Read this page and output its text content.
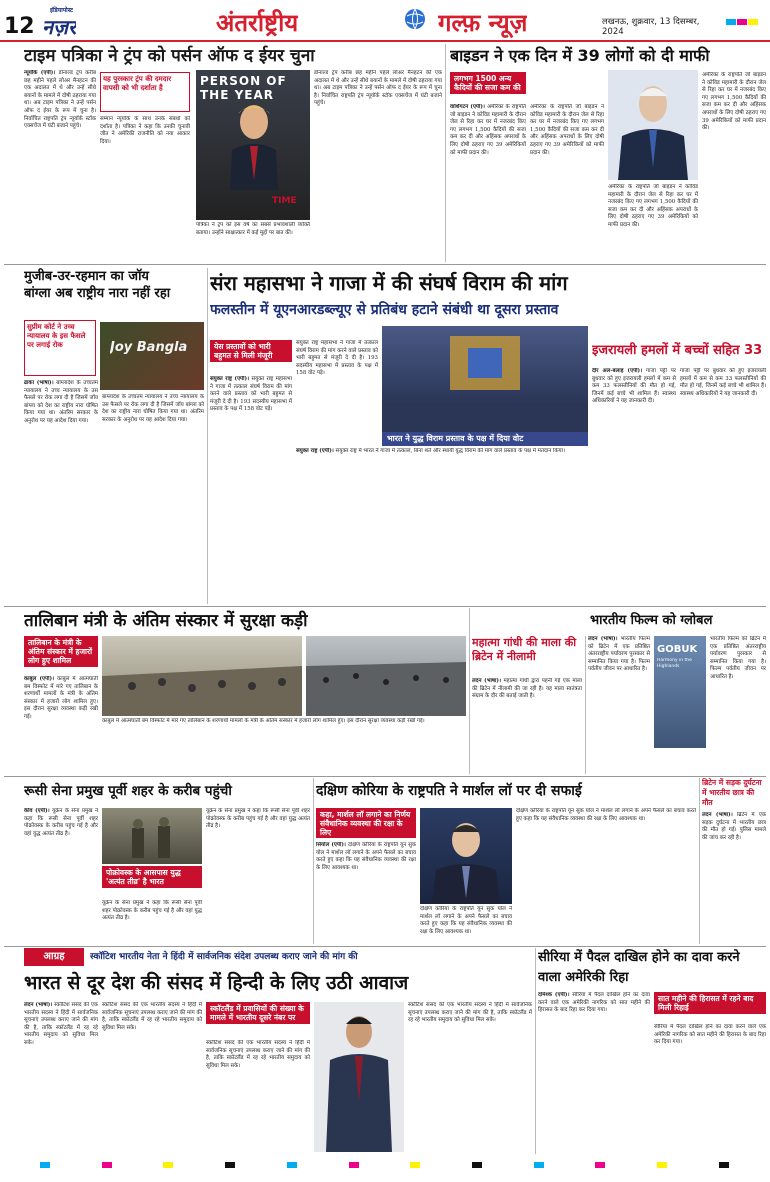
12
इंडियापोस्ट
नज़र	अंतर्राष्ट्रीय	गल्फ़ न्यूज़	लखनऊ, शुक्रवार, 13 दिसम्बर, 2024
टाइम पत्रिका ने ट्रंप को पर्सन ऑफ द ईयर चुना
न्यूयॉर्क (एपी)। डोनाल्ड ट्रंप करीब छह महीने पहले लोअर मैनहटन की एक अदालत में थे और उन्हें सीधे बयानों के मामले में दोषी ठहराया गया था। अब टाइम पत्रिका ने उन्हें पर्सन ऑफ द ईयर के रूप में चुना है। निर्वाचित राष्ट्रपति ट्रंप न्यूयॉर्क स्टॉक एक्सचेंज में घंटी बजाने पहुंचे।
यह पुरस्कार ट्रंप की दमदार वापसी को भी दर्शाता है
सम्मान न्यूयॉर्क के साथ उनके संबंधों को दर्शाता है। पत्रिका ने कहा कि उनकी चुनावी जीत ने अमेरिकी राजनीति को नया आकार दिया।
PERSON OF THE YEAR
TIME
पत्रिका ने ट्रंप को इस वर्ष का सबसे प्रभावशाली व्यक्ति बताया। उन्होंने साक्षात्कार में कई मुद्दों पर बात की।
डोनाल्ड ट्रंप करीब छह महीने पहले लोअर मैनहटन की एक अदालत में थे और उन्हें सीधे बयानों के मामले में दोषी ठहराया गया था। अब टाइम पत्रिका ने उन्हें पर्सन ऑफ द ईयर के रूप में चुना है। निर्वाचित राष्ट्रपति ट्रंप न्यूयॉर्क स्टॉक एक्सचेंज में घंटी बजाने पहुंचे।
बाइडन ने एक दिन में 39 लोगों को दी माफी
लगभग 1500 अन्य कैदियों की सजा कम की
वाशिंगटन (एपी)। अमेरिका के राष्ट्रपति जो बाइडन ने कोविड महामारी के दौरान जेल से रिहा कर घर में नजरबंद किए गए लगभग 1,500 कैदियों की सजा कम कर दी और अहिंसक अपराधों के लिए दोषी ठहराए गए 39 अमेरिकियों को माफी प्रदान की।
अमेरिका के राष्ट्रपति जो बाइडन ने कोविड महामारी के दौरान जेल से रिहा कर घर में नजरबंद किए गए लगभग 1,500 कैदियों की सजा कम कर दी और अहिंसक अपराधों के लिए दोषी ठहराए गए 39 अमेरिकियों को माफी प्रदान की।
अमेरिका के राष्ट्रपति जो बाइडन ने कोविड महामारी के दौरान जेल से रिहा कर घर में नजरबंद किए गए लगभग 1,500 कैदियों की सजा कम कर दी और अहिंसक अपराधों के लिए दोषी ठहराए गए 39 अमेरिकियों को माफी प्रदान की।
अमेरिका के राष्ट्रपति जो बाइडन ने कोविड महामारी के दौरान जेल से रिहा कर घर में नजरबंद किए गए लगभग 1,500 कैदियों की सजा कम कर दी और अहिंसक अपराधों के लिए दोषी ठहराए गए 39 अमेरिकियों को माफी प्रदान की।
मुजीब-उर-रहमान का जॉय
बांग्ला अब राष्ट्रीय नारा नहीं रहा
सुप्रीम कोर्ट ने उच्च न्यायालय के इस फैसले पर लगाई रोक	Joy Bangla
ढाका (भाषा)। बांग्लादेश के उच्चतम न्यायालय ने उच्च न्यायालय के उस फैसले पर रोक लगा दी है जिसमें जॉय बांग्ला को देश का राष्ट्रीय नारा घोषित किया गया था। अंतरिम सरकार के अनुरोध पर यह आदेश दिया गया।
बांग्लादेश के उच्चतम न्यायालय ने उच्च न्यायालय के उस फैसले पर रोक लगा दी है जिसमें जॉय बांग्ला को देश का राष्ट्रीय नारा घोषित किया गया था। अंतरिम सरकार के अनुरोध पर यह आदेश दिया गया।
संरा महासभा ने गाजा में की संघर्ष विराम की मांग
फलस्तीन में यूएनआरडब्ल्यूए से प्रतिबंध हटाने संबंधी था दूसरा प्रस्ताव
येस प्रस्तावों को भारी बहुमत से मिली मंजूरी
संयुक्त राष्ट्र (एपी)। संयुक्त राष्ट्र महासभा ने गाजा में तत्काल संघर्ष विराम की मांग करने वाले प्रस्ताव को भारी बहुमत से मंजूरी दे दी है। 193 सदस्यीय महासभा में प्रस्ताव के पक्ष में 158 वोट पड़े।
संयुक्त राष्ट्र महासभा ने गाजा में तत्काल संघर्ष विराम की मांग करने वाले प्रस्ताव को भारी बहुमत से मंजूरी दे दी है। 193 सदस्यीय महासभा में प्रस्ताव के पक्ष में 158 वोट पड़े।
भारत ने युद्ध विराम प्रस्ताव के पक्ष में दिया वोट
संयुक्त राष्ट्र (एपी)। संयुक्त राष्ट्र में भारत ने गाजा में तत्काल, बिना शर्त और स्थायी युद्ध विराम की मांग वाले प्रस्ताव के पक्ष में मतदान किया।
इजरायली हमलों में बच्चों सहित 33
दीर अल-बलाह (एपी)। गाजा पट्टी पर बुधवार को हुए इजरायली हमलों में कम से कम 33 फलस्तीनियों की मौत हो गई, जिनमें कई बच्चे भी शामिल हैं। स्वास्थ्य अधिकारियों ने यह जानकारी दी।
गाजा पट्टी पर बुधवार को हुए इजरायली हमलों में कम से कम 33 फलस्तीनियों की मौत हो गई, जिनमें कई बच्चे भी शामिल हैं। स्वास्थ्य अधिकारियों ने यह जानकारी दी।
तालिबान मंत्री के अंतिम संस्कार में सुरक्षा कड़ी
तालिबान के मंत्री के अंतिम संस्कार में हजारों लोग हुए शामिल
काबुल (एपी)। काबुल में आत्मघाती बम विस्फोट में मारे गए तालिबान के शरणार्थी मामलों के मंत्री के अंतिम संस्कार में हजारों लोग शामिल हुए। इस दौरान सुरक्षा व्यवस्था कड़ी रखी गई।
काबुल में आत्मघाती बम विस्फोट में मारे गए तालिबान के शरणार्थी मामलों के मंत्री के अंतिम संस्कार में हजारों लोग शामिल हुए। इस दौरान सुरक्षा व्यवस्था कड़ी रखी गई।
महात्मा गांधी की माला की ब्रिटेन में नीलामी
लंदन (भाषा)। महात्मा गांधी द्वारा पहनी गई एक माला की ब्रिटेन में नीलामी की जा रही है। यह माला स्वतंत्रता संग्राम के दौर की बताई जाती है।
भारतीय फिल्म को ग्लोबल
लंदन (भाषा)। भारतीय फिल्म को ब्रिटेन में एक प्रतिष्ठित अंतरराष्ट्रीय पर्यावरण पुरस्कार से सम्मानित किया गया है। फिल्म पर्वतीय जीवन पर आधारित है।
GOBUK
Harmony in the Highlands
भारतीय फिल्म को ब्रिटेन में एक प्रतिष्ठित अंतरराष्ट्रीय पर्यावरण पुरस्कार से सम्मानित किया गया है। फिल्म पर्वतीय जीवन पर आधारित है।
रूसी सेना प्रमुख पूर्वी शहर के करीब पहुंची
कीव (एपी)। यूक्रेन के सेना प्रमुख ने कहा कि रूसी सेना पूर्वी शहर पोक्रोवस्क के करीब पहुंच गई है और वहां युद्ध अत्यंत तीव्र है।
पोक्रोवस्क के आसपास युद्ध 'अत्यंत तीव्र' है भारत
यूक्रेन के सेना प्रमुख ने कहा कि रूसी सेना पूर्वी शहर पोक्रोवस्क के करीब पहुंच गई है और वहां युद्ध अत्यंत तीव्र है।
यूक्रेन के सेना प्रमुख ने कहा कि रूसी सेना पूर्वी शहर पोक्रोवस्क के करीब पहुंच गई है और वहां युद्ध अत्यंत तीव्र है।
दक्षिण कोरिया के राष्ट्रपति ने मार्शल लॉ पर दी सफाई
कहा, मार्शल लॉ लगाने का निर्णय संवैधानिक व्यवस्था की रक्षा के लिए
सियोल (एपी)। दक्षिण कोरिया के राष्ट्रपति यून सुक योल ने मार्शल लॉ लगाने के अपने फैसले का बचाव करते हुए कहा कि यह संवैधानिक व्यवस्था की रक्षा के लिए आवश्यक था।
दक्षिण कोरिया के राष्ट्रपति यून सुक योल ने मार्शल लॉ लगाने के अपने फैसले का बचाव करते हुए कहा कि यह संवैधानिक व्यवस्था की रक्षा के लिए आवश्यक था।
दक्षिण कोरिया के राष्ट्रपति यून सुक योल ने मार्शल लॉ लगाने के अपने फैसले का बचाव करते हुए कहा कि यह संवैधानिक व्यवस्था की रक्षा के लिए आवश्यक था।
ब्रिटेन में सड़क दुर्घटना में भारतीय छात्र की मौत
लंदन (भाषा)। ब्रिटेन में एक सड़क दुर्घटना में भारतीय छात्र की मौत हो गई। पुलिस मामले की जांच कर रही है।
आग्रह	स्कॉटिश भारतीय नेता ने हिंदी में सार्वजनिक संदेश उपलब्ध कराए जाने की मांग की
भारत से दूर देश की संसद में हिन्दी के लिए उठी आवाज
लंदन (भाषा)। स्कॉटिश संसद की एक भारतीय सदस्य ने हिंदी में सार्वजनिक सूचनाएं उपलब्ध कराए जाने की मांग की है, ताकि स्कॉटलैंड में रह रहे भारतीय समुदाय को सुविधा मिल सके।
स्कॉटिश संसद की एक भारतीय सदस्य ने हिंदी में सार्वजनिक सूचनाएं उपलब्ध कराए जाने की मांग की है, ताकि स्कॉटलैंड में रह रहे भारतीय समुदाय को सुविधा मिल सके।
स्कॉटलैंड में प्रवासियों की संख्या के मामले में भारतीय दूसरे नंबर पर
स्कॉटिश संसद की एक भारतीय सदस्य ने हिंदी में सार्वजनिक सूचनाएं उपलब्ध कराए जाने की मांग की है, ताकि स्कॉटलैंड में रह रहे भारतीय समुदाय को सुविधा मिल सके।
स्कॉटिश संसद की एक भारतीय सदस्य ने हिंदी में सार्वजनिक सूचनाएं उपलब्ध कराए जाने की मांग की है, ताकि स्कॉटलैंड में रह रहे भारतीय समुदाय को सुविधा मिल सके।
सीरिया में पैदल दाखिल होने का दावा करने वाला अमेरिकी रिहा
दमिश्क (एपी)। सीरिया में पैदल दाखिल होने का दावा करने वाले एक अमेरिकी नागरिक को सात महीने की हिरासत के बाद रिहा कर दिया गया।
सात महीने की हिरासत में रहने बाद मिली रिहाई
सीरिया में पैदल दाखिल होने का दावा करने वाले एक अमेरिकी नागरिक को सात महीने की हिरासत के बाद रिहा कर दिया गया।
